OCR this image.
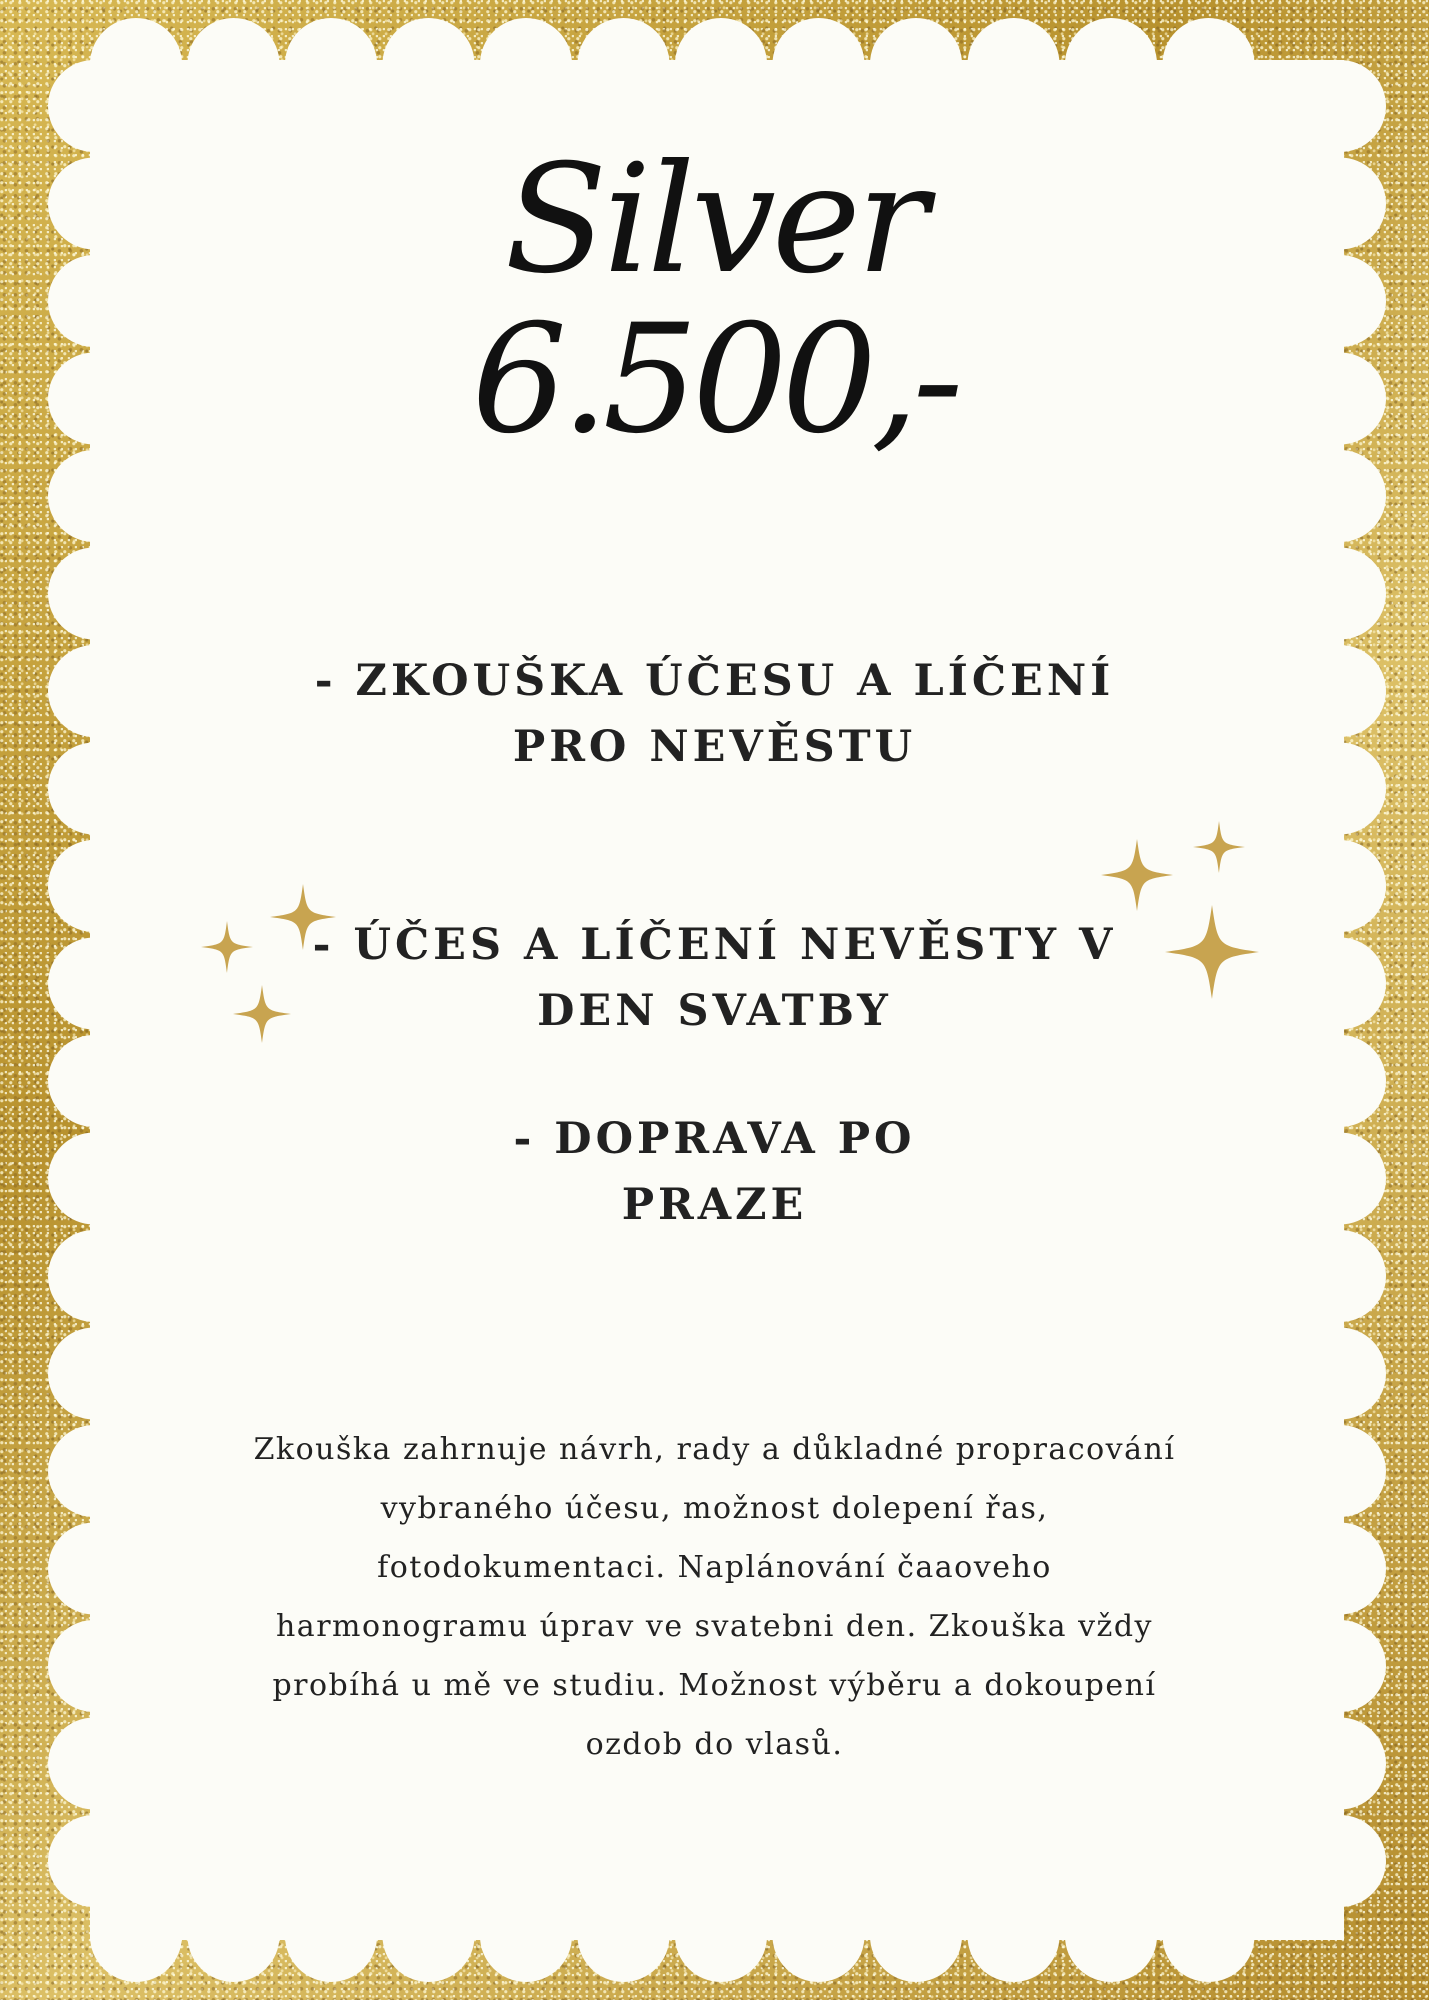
Silver
6.500,-

- ZKOUŠKA ÚČESU A LÍČENÍ PRO NEVĚSTU

- ÚČES A LÍČENÍ NEVĚSTY V DEN SVATBY

- DOPRAVA PO PRAZE

Zkouška zahrnuje návrh, rady a důkladné propracování vybraného účesu, možnost dolepení řas, fotodokumentaci. Naplánování čaaoveho harmonogramu úprav ve svatebni den. Zkouška vždy probíhá u mě ve studiu. Možnost výběru a dokoupení ozdob do vlasů.
